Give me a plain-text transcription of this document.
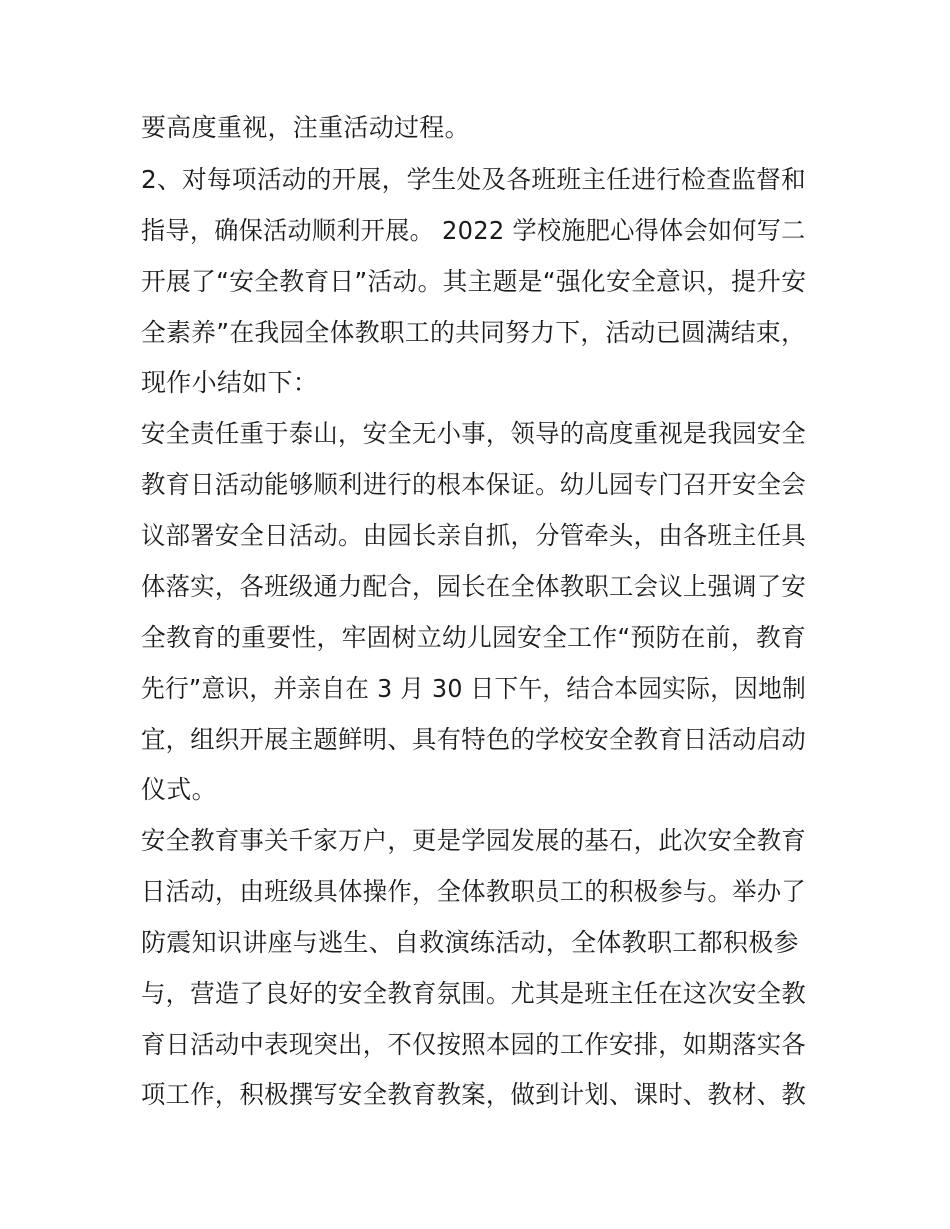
要高度重视，注重活动过程。
2、对每项活动的开展，学生处及各班班主任进行检查监督和
指导，确保活动顺利开展。 2022 学校施肥心得体会如何写二
开展了“安全教育日”活动。其主题是“强化安全意识，提升安
全素养”在我园全体教职工的共同努力下，活动已圆满结束，
现作小结如下：
安全责任重于泰山，安全无小事，领导的高度重视是我园安全
教育日活动能够顺利进行的根本保证。幼儿园专门召开安全会
议部署安全日活动。由园长亲自抓，分管牵头，由各班主任具
体落实，各班级通力配合，园长在全体教职工会议上强调了安
全教育的重要性，牢固树立幼儿园安全工作“预防在前，教育
先行”意识，并亲自在 3 月 30 日下午，结合本园实际，因地制
宜，组织开展主题鲜明、具有特色的学校安全教育日活动启动
仪式。
安全教育事关千家万户，更是学园发展的基石，此次安全教育
日活动，由班级具体操作，全体教职员工的积极参与。举办了
防震知识讲座与逃生、自救演练活动，全体教职工都积极参
与，营造了良好的安全教育氛围。尤其是班主任在这次安全教
育日活动中表现突出，不仅按照本园的工作安排，如期落实各
项工作，积极撰写安全教育教案，做到计划、课时、教材、教
